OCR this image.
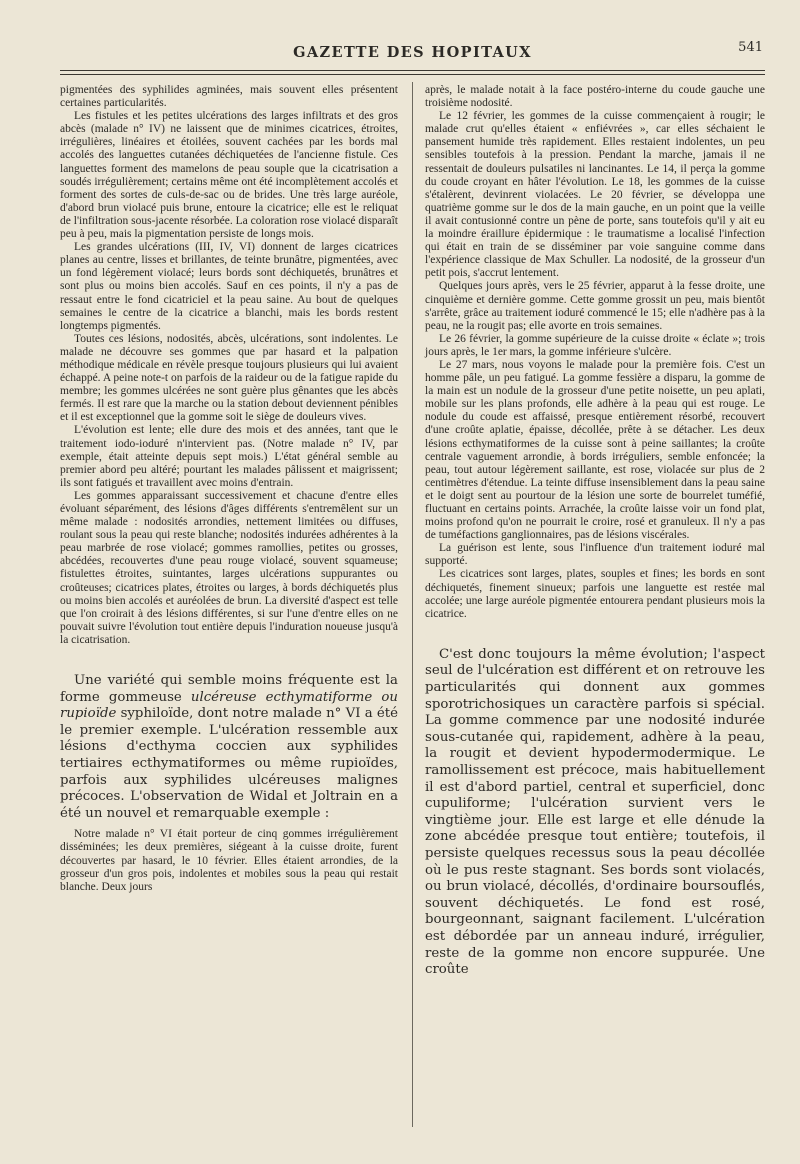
GAZETTE DES HOPITAUX	541

pigmentées des syphilides agminées, mais souvent elles présentent certaines particularités.

Les fistules et les petites ulcérations des larges infiltrats et des gros abcès (malade n° IV) ne laissent que de minimes cicatrices, étroites, irrégulières, linéaires et étoilées, souvent cachées par les bords mal accolés des languettes cutanées déchiquetées de l'ancienne fistule. Ces languettes forment des mamelons de peau souple que la cicatrisation a soudés irrégulièrement; certains même ont été incomplètement accolés et forment des sortes de culs-de-sac ou de brides. Une très large auréole, d'abord brun violacé puis brune, entoure la cicatrice; elle est le reliquat de l'infiltration sous-jacente résorbée. La coloration rose violacé disparaît peu à peu, mais la pigmentation persiste de longs mois.

Les grandes ulcérations (III, IV, VI) donnent de larges cicatrices planes au centre, lisses et brillantes, de teinte brunâtre, pigmentées, avec un fond légèrement violacé; leurs bords sont déchiquetés, brunâtres et sont plus ou moins bien accolés. Sauf en ces points, il n'y a pas de ressaut entre le fond cicatriciel et la peau saine. Au bout de quelques semaines le centre de la cicatrice a blanchi, mais les bords restent longtemps pigmentés.

Toutes ces lésions, nodosités, abcès, ulcérations, sont indolentes. Le malade ne découvre ses gommes que par hasard et la palpation méthodique médicale en révèle presque toujours plusieurs qui lui avaient échappé. A peine note-t on parfois de la raideur ou de la fatigue rapide du membre; les gommes ulcérées ne sont guère plus gênantes que les abcès fermés. Il est rare que la marche ou la station debout deviennent pénibles et il est exceptionnel que la gomme soit le siège de douleurs vives.

L'évolution est lente; elle dure des mois et des années, tant que le traitement iodo-ioduré n'intervient pas. (Notre malade n° IV, par exemple, était atteinte depuis sept mois.) L'état général semble au premier abord peu altéré; pourtant les malades pâlissent et maigrissent; ils sont fatigués et travaillent avec moins d'entrain.

Les gommes apparaissant successivement et chacune d'entre elles évoluant séparément, des lésions d'âges différents s'entremêlent sur un même malade : nodosités arrondies, nettement limitées ou diffuses, roulant sous la peau qui reste blanche; nodosités indurées adhérentes à la peau marbrée de rose violacé; gommes ramollies, petites ou grosses, abcédées, recouvertes d'une peau rouge violacé, souvent squameuse; fistulettes étroites, suintantes, larges ulcérations suppurantes ou croûteuses; cicatrices plates, étroites ou larges, à bords déchiquetés plus ou moins bien accolés et auréolées de brun. La diversité d'aspect est telle que l'on croirait à des lésions différentes, si sur l'une d'entre elles on ne pouvait suivre l'évolution tout entière depuis l'induration noueuse jusqu'à la cicatrisation.

Une variété qui semble moins fréquente est la forme gommeuse ulcéreuse ecthymatiforme ou rupioïde syphiloïde, dont notre malade n° VI a été le premier exemple. L'ulcération ressemble aux lésions d'ecthyma coccien aux syphilides tertiaires ecthymatiformes ou même rupioïdes, parfois aux syphilides ulcéreuses malignes précoces. L'observation de Widal et Joltrain en a été un nouvel et remarquable exemple :

Notre malade n° VI était porteur de cinq gommes irrégulièrement disséminées; les deux premières, siégeant à la cuisse droite, furent découvertes par hasard, le 10 février. Elles étaient arrondies, de la grosseur d'un gros pois, indolentes et mobiles sous la peau qui restait blanche. Deux jours

après, le malade notait à la face postéro-interne du coude gauche une troisième nodosité.

Le 12 février, les gommes de la cuisse commençaient à rougir; le malade crut qu'elles étaient « enfiévrées », car elles séchaient le pansement humide très rapidement. Elles restaient indolentes, un peu sensibles toutefois à la pression. Pendant la marche, jamais il ne ressentait de douleurs pulsatiles ni lancinantes. Le 14, il perça la gomme du coude croyant en hâter l'évolution. Le 18, les gommes de la cuisse s'étalèrent, devinrent violacées. Le 20 février, se développa une quatrième gomme sur le dos de la main gauche, en un point que la veille il avait contusionné contre un pène de porte, sans toutefois qu'il y ait eu la moindre éraillure épidermique : le traumatisme a localisé l'infection qui était en train de se disséminer par voie sanguine comme dans l'expérience classique de Max Schuller. La nodosité, de la grosseur d'un petit pois, s'accrut lentement.

Quelques jours après, vers le 25 février, apparut à la fesse droite, une cinquième et dernière gomme. Cette gomme grossit un peu, mais bientôt s'arrête, grâce au traitement ioduré commencé le 15; elle n'adhère pas à la peau, ne la rougit pas; elle avorte en trois semaines.

Le 26 février, la gomme supérieure de la cuisse droite « éclate »; trois jours après, le 1er mars, la gomme inférieure s'ulcère.

Le 27 mars, nous voyons le malade pour la première fois. C'est un homme pâle, un peu fatigué. La gomme fessière a disparu, la gomme de la main est un nodule de la grosseur d'une petite noisette, un peu aplati, mobile sur les plans profonds, elle adhère à la peau qui est rouge. Le nodule du coude est affaissé, presque entièrement résorbé, recouvert d'une croûte aplatie, épaisse, décollée, prête à se détacher. Les deux lésions ecthymatiformes de la cuisse sont à peine saillantes; la croûte centrale vaguement arrondie, à bords irréguliers, semble enfoncée; la peau, tout autour légèrement saillante, est rose, violacée sur plus de 2 centimètres d'étendue. La teinte diffuse insensiblement dans la peau saine et le doigt sent au pourtour de la lésion une sorte de bourrelet tuméfié, fluctuant en certains points. Arrachée, la croûte laisse voir un fond plat, moins profond qu'on ne pourrait le croire, rosé et granuleux. Il n'y a pas de tuméfactions ganglionnaires, pas de lésions viscérales.

La guérison est lente, sous l'influence d'un traitement ioduré mal supporté.

Les cicatrices sont larges, plates, souples et fines; les bords en sont déchiquetés, finement sinueux; parfois une languette est restée mal accolée; une large auréole pigmentée entourera pendant plusieurs mois la cicatrice.

C'est donc toujours la même évolution; l'aspect seul de l'ulcération est différent et on retrouve les particularités qui donnent aux gommes sporotrichosiques un caractère parfois si spécial. La gomme commence par une nodosité indurée sous-cutanée qui, rapidement, adhère à la peau, la rougit et devient hypodermodermique. Le ramollissement est précoce, mais habituellement il est d'abord partiel, central et superficiel, donc cupuliforme; l'ulcération survient vers le vingtième jour. Elle est large et elle dénude la zone abcédée presque tout entière; toutefois, il persiste quelques recessus sous la peau décollée où le pus reste stagnant. Ses bords sont violacés, ou brun violacé, décollés, d'ordinaire boursouflés, souvent déchiquetés. Le fond est rosé, bourgeonnant, saignant facilement. L'ulcération est débordée par un anneau induré, irrégulier, reste de la gomme non encore suppurée. Une croûte
